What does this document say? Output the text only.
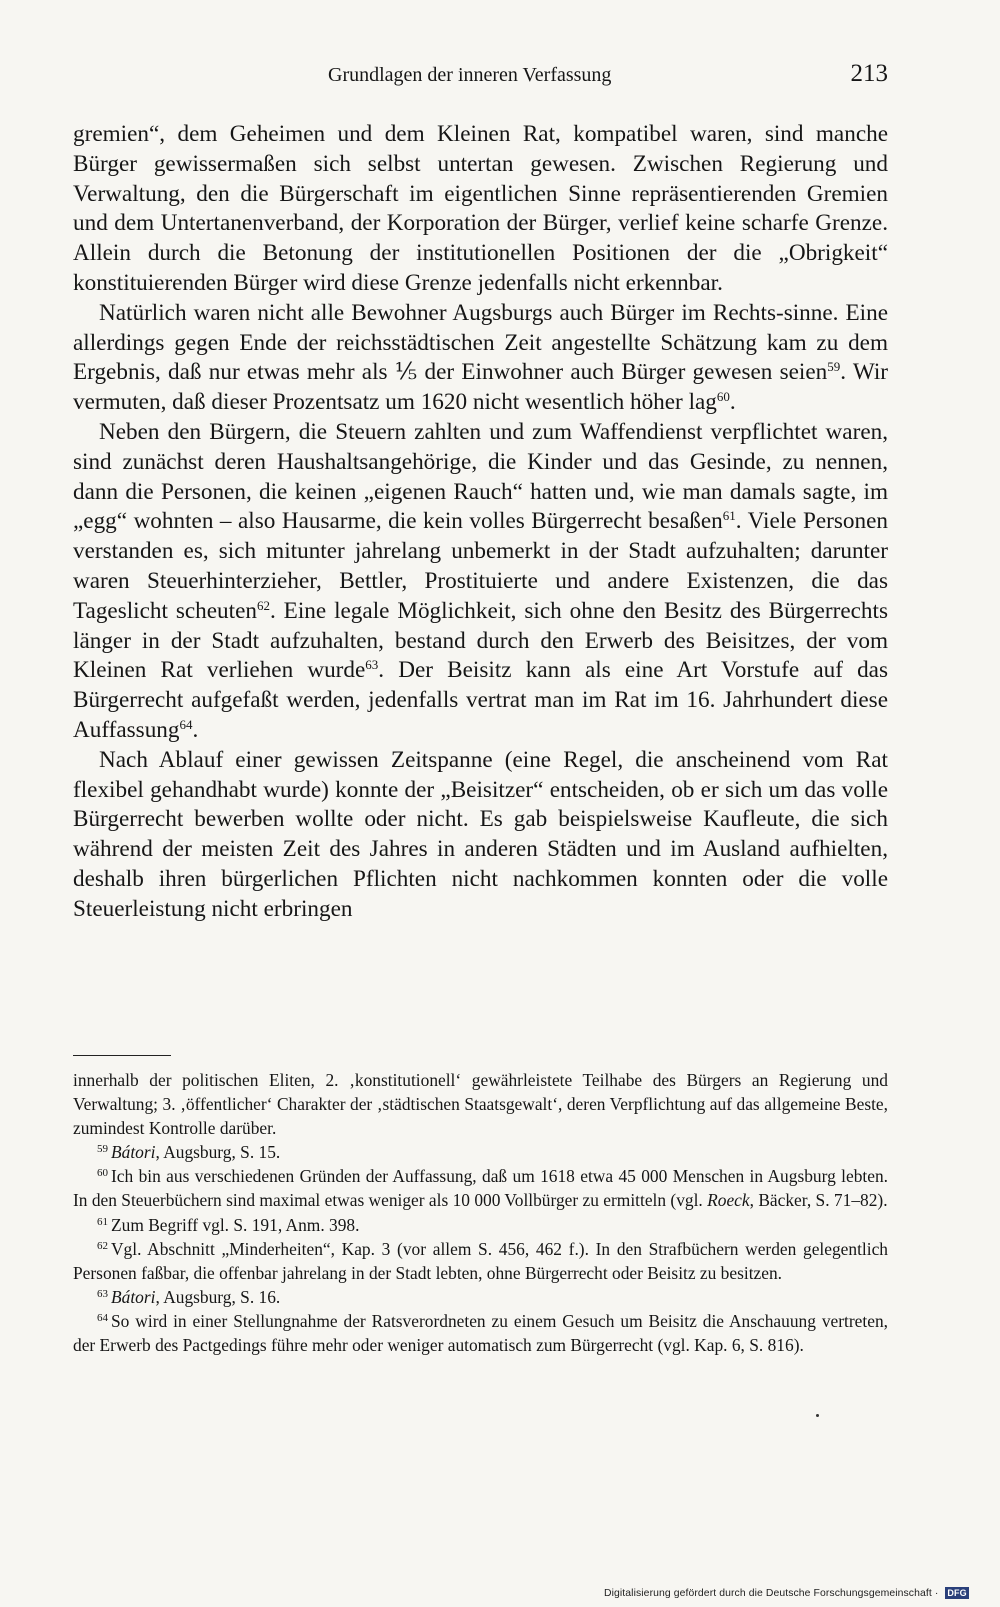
Grundlagen der inneren Verfassung	213

gremien“, dem Geheimen und dem Kleinen Rat, kompatibel waren, sind manche Bürger gewissermaßen sich selbst untertan gewesen. Zwischen Regierung und Verwaltung, den die Bürgerschaft im eigentlichen Sinne repräsentierenden Gremien und dem Untertanenverband, der Korporation der Bürger, verlief keine scharfe Grenze. Allein durch die Betonung der institutionellen Positionen der die „Obrigkeit“ konstituierenden Bürger wird diese Grenze jedenfalls nicht erkennbar.

Natürlich waren nicht alle Bewohner Augsburgs auch Bürger im Rechts-sinne. Eine allerdings gegen Ende der reichsstädtischen Zeit angestellte Schätzung kam zu dem Ergebnis, daß nur etwas mehr als ⅕ der Einwohner auch Bürger gewesen seien$^{59}$. Wir vermuten, daß dieser Prozentsatz um 1620 nicht wesentlich höher lag$^{60}$.

Neben den Bürgern, die Steuern zahlten und zum Waffendienst verpflichtet waren, sind zunächst deren Haushaltsangehörige, die Kinder und das Gesinde, zu nennen, dann die Personen, die keinen „eigenen Rauch“ hatten und, wie man damals sagte, im „egg“ wohnten – also Hausarme, die kein volles Bürgerrecht besaßen$^{61}$. Viele Personen verstanden es, sich mitunter jahrelang unbemerkt in der Stadt aufzuhalten; darunter waren Steuerhinterzieher, Bettler, Prostituierte und andere Existenzen, die das Tageslicht scheuten$^{62}$. Eine legale Möglichkeit, sich ohne den Besitz des Bürgerrechts länger in der Stadt aufzuhalten, bestand durch den Erwerb des Beisitzes, der vom Kleinen Rat verliehen wurde$^{63}$. Der Beisitz kann als eine Art Vorstufe auf das Bürgerrecht aufgefaßt werden, jedenfalls vertrat man im Rat im 16. Jahrhundert diese Auffassung$^{64}$.

Nach Ablauf einer gewissen Zeitspanne (eine Regel, die anscheinend vom Rat flexibel gehandhabt wurde) konnte der „Beisitzer“ entscheiden, ob er sich um das volle Bürgerrecht bewerben wollte oder nicht. Es gab beispielsweise Kaufleute, die sich während der meisten Zeit des Jahres in anderen Städten und im Ausland aufhielten, deshalb ihren bürgerlichen Pflichten nicht nachkommen konnten oder die volle Steuerleistung nicht erbringen

innerhalb der politischen Eliten, 2. ‚konstitutionell‘ gewährleistete Teilhabe des Bürgers an Regierung und Verwaltung; 3. ‚öffentlicher‘ Charakter der ‚städtischen Staatsgewalt‘, deren Verpflichtung auf das allgemeine Beste, zumindest Kontrolle darüber.

$^{59}$ Bátori, Augsburg, S. 15.

$^{60}$ Ich bin aus verschiedenen Gründen der Auffassung, daß um 1618 etwa 45 000 Menschen in Augsburg lebten. In den Steuerbüchern sind maximal etwas weniger als 10 000 Vollbürger zu ermitteln (vgl. Roeck, Bäcker, S. 71–82).

$^{61}$ Zum Begriff vgl. S. 191, Anm. 398.

$^{62}$ Vgl. Abschnitt „Minderheiten“, Kap. 3 (vor allem S. 456, 462 f.). In den Strafbüchern werden gelegentlich Personen faßbar, die offenbar jahrelang in der Stadt lebten, ohne Bürgerrecht oder Beisitz zu besitzen.

$^{63}$ Bátori, Augsburg, S. 16.

$^{64}$ So wird in einer Stellungnahme der Ratsverordneten zu einem Gesuch um Beisitz die Anschauung vertreten, der Erwerb des Pactgedings führe mehr oder weniger automatisch zum Bürgerrecht (vgl. Kap. 6, S. 816).

Digitalisierung gefördert durch die Deutsche Forschungsgemeinschaft · DFG
